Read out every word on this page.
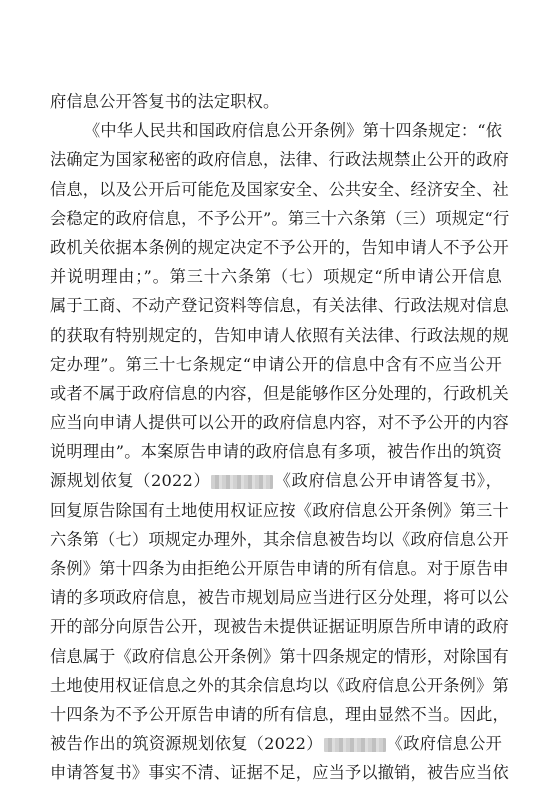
府信息公开答复书的法定职权。
《中华人民共和国政府信息公开条例》第十四条规定：“依
法确定为国家秘密的政府信息，法律、行政法规禁止公开的政府
信息，以及公开后可能危及国家安全、公共安全、经济安全、社
会稳定的政府信息，不予公开”。第三十六条第（三）项规定“行
政机关依据本条例的规定决定不予公开的，告知申请人不予公开
并说明理由；”。第三十六条第（七）项规定“所申请公开信息
属于工商、不动产登记资料等信息，有关法律、行政法规对信息
的获取有特别规定的，告知申请人依照有关法律、行政法规的规
定办理”。第三十七条规定“申请公开的信息中含有不应当公开
或者不属于政府信息的内容，但是能够作区分处理的，行政机关
应当向申请人提供可以公开的政府信息内容，对不予公开的内容
说明理由”。本案原告申请的政府信息有多项，被告作出的筑资
源规划依复（2022）	《政府信息公开申请答复书》，
回复原告除国有土地使用权证应按《政府信息公开条例》第三十
六条第（七）项规定办理外，其余信息被告均以《政府信息公开
条例》第十四条为由拒绝公开原告申请的所有信息。对于原告申
请的多项政府信息，被告市规划局应当进行区分处理，将可以公
开的部分向原告公开，现被告未提供证据证明原告所申请的政府
信息属于《政府信息公开条例》第十四条规定的情形，对除国有
土地使用权证信息之外的其余信息均以《政府信息公开条例》第
十四条为不予公开原告申请的所有信息，理由显然不当。因此，
被告作出的筑资源规划依复（2022）	《政府信息公开
申请答复书》事实不清、证据不足，应当予以撤销，被告应当依
